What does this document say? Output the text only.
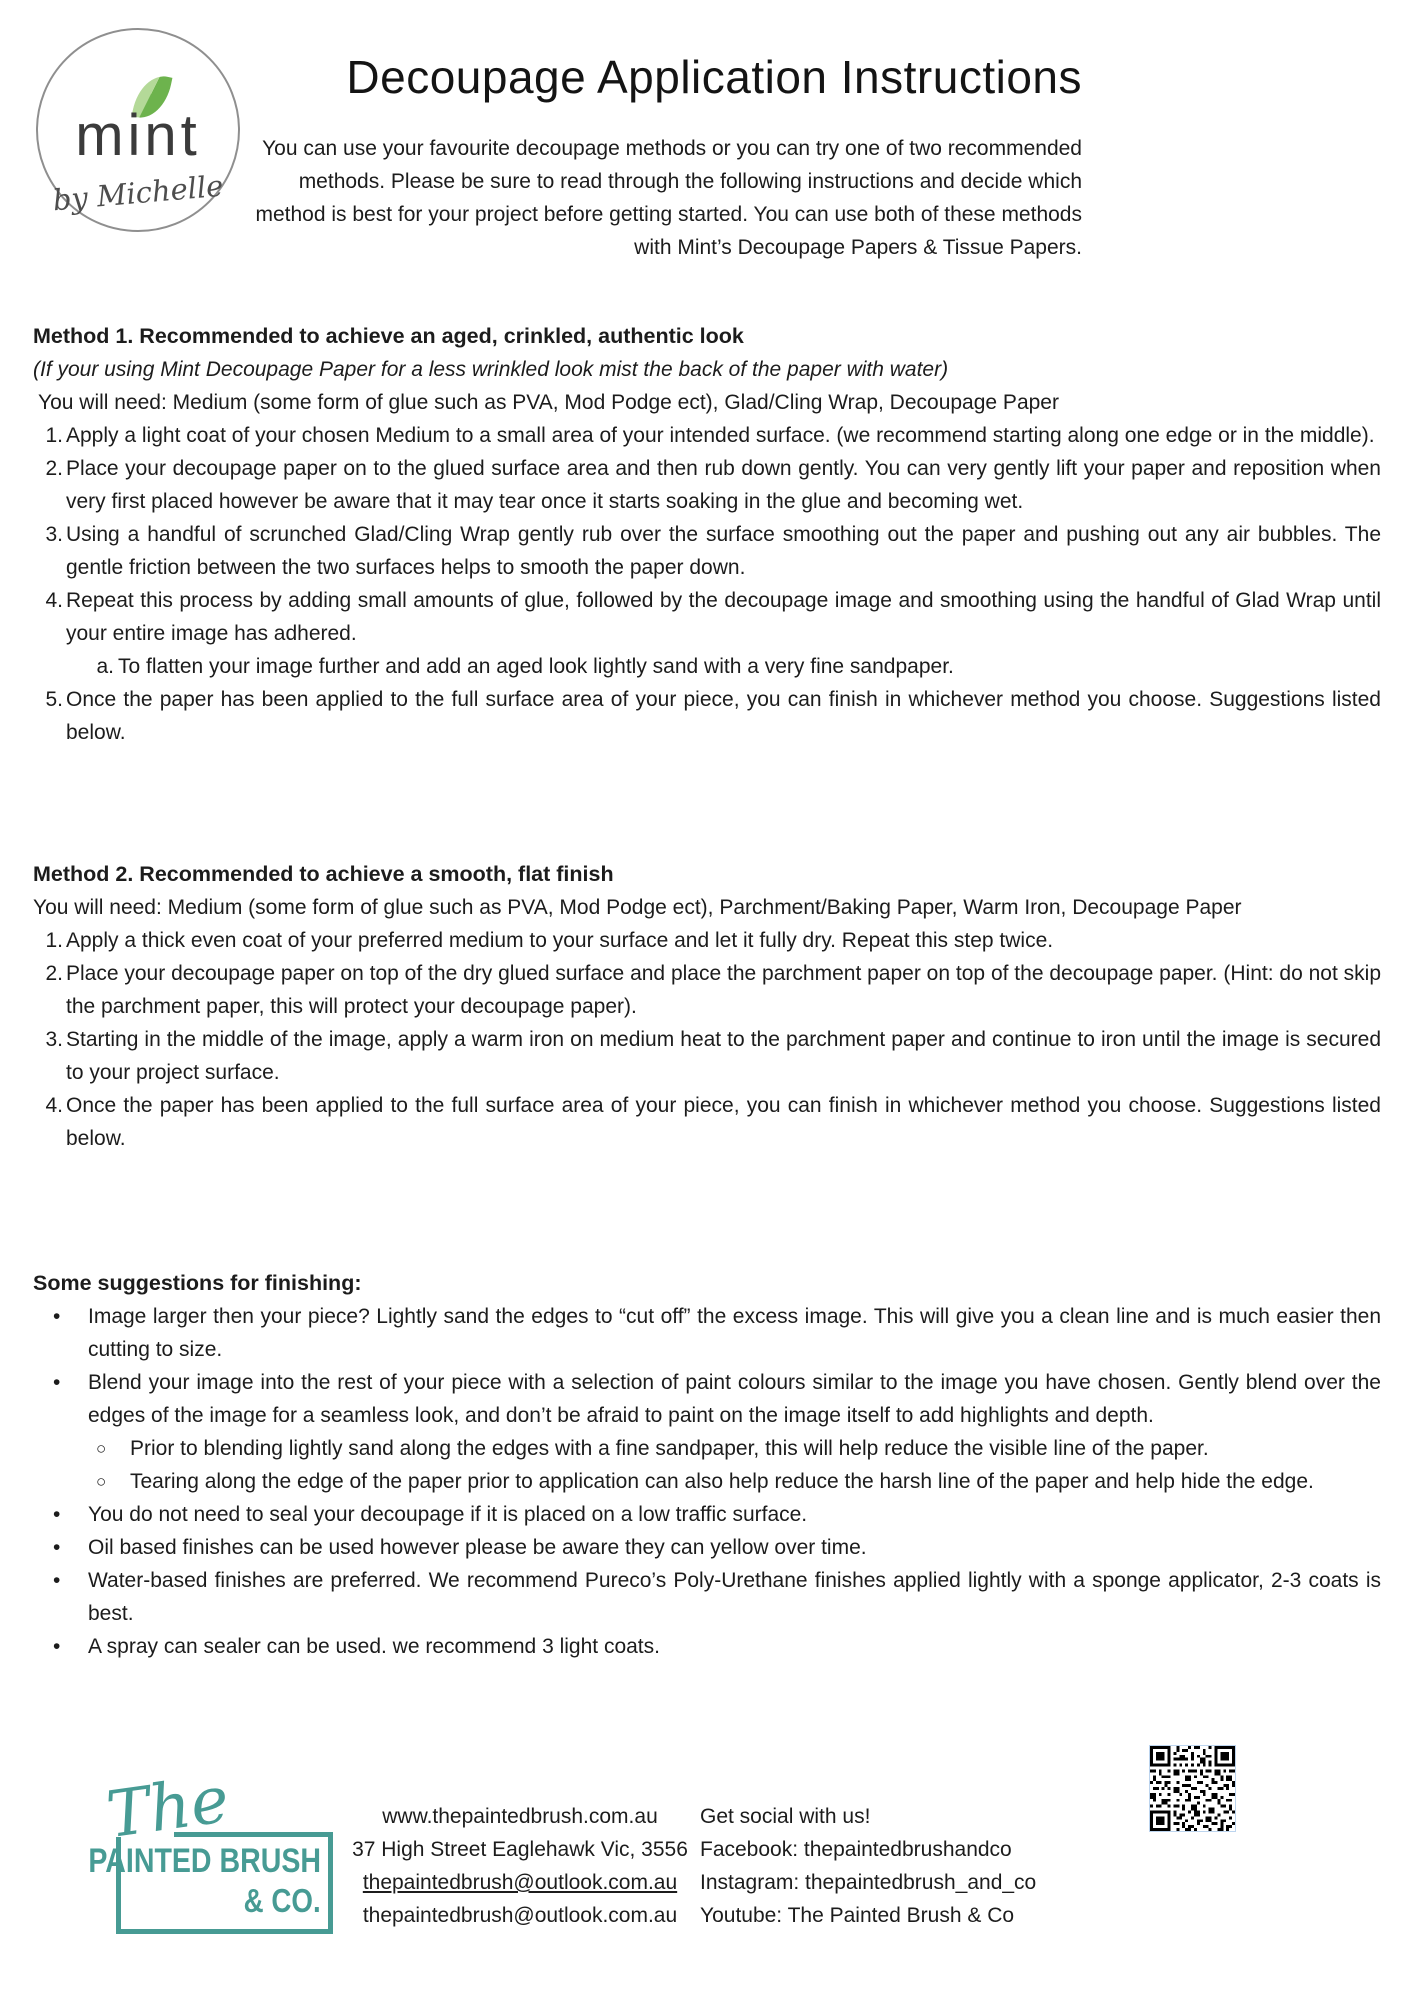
mint
by Michelle
Decoupage Application Instructions
You can use your favourite decoupage methods or you can try one of two recommended methods. Please be sure to read through the following instructions and decide which method is best for your project before getting started. You can use both of these methods with Mint’s Decoupage Papers & Tissue Papers.
Method 1. Recommended to achieve an aged, crinkled, authentic look
(If your using Mint Decoupage Paper for a less wrinkled look mist the back of the paper with water)
You will need: Medium (some form of glue such as PVA, Mod Podge ect), Glad/Cling Wrap, Decoupage Paper
1. Apply a light coat of your chosen Medium to a small area of your intended surface. (we recommend starting along one edge or in the middle).
2. Place your decoupage paper on to the glued surface area and then rub down gently. You can very gently lift your paper and reposition when very first placed however be aware that it may tear once it starts soaking in the glue and becoming wet.
3. Using a handful of scrunched Glad/Cling Wrap gently rub over the surface smoothing out the paper and pushing out any air bubbles. The gentle friction between the two surfaces helps to smooth the paper down.
4. Repeat this process by adding small amounts of glue, followed by the decoupage image and smoothing using the handful of Glad Wrap until your entire image has adhered.
a. To flatten your image further and add an aged look lightly sand with a very fine sandpaper.
5. Once the paper has been applied to the full surface area of your piece, you can finish in whichever method you choose. Suggestions listed below.
Method 2. Recommended to achieve a smooth, flat finish
You will need: Medium (some form of glue such as PVA, Mod Podge ect), Parchment/Baking Paper, Warm Iron, Decoupage Paper
1. Apply a thick even coat of your preferred medium to your surface and let it fully dry. Repeat this step twice.
2. Place your decoupage paper on top of the dry glued surface and place the parchment paper on top of the decoupage paper. (Hint: do not skip the parchment paper, this will protect your decoupage paper).
3. Starting in the middle of the image, apply a warm iron on medium heat to the parchment paper and continue to iron until the image is secured to your project surface.
4. Once the paper has been applied to the full surface area of your piece, you can finish in whichever method you choose. Suggestions listed below.
Some suggestions for finishing:
•	Image larger then your piece? Lightly sand the edges to “cut off” the excess image. This will give you a clean line and is much easier then cutting to size.
•	Blend your image into the rest of your piece with a selection of paint colours similar to the image you have chosen. Gently blend over the edges of the image for a seamless look, and don’t be afraid to paint on the image itself to add highlights and depth.
○	Prior to blending lightly sand along the edges with a fine sandpaper, this will help reduce the visible line of the paper.
○	Tearing along the edge of the paper prior to application can also help reduce the harsh line of the paper and help hide the edge.
•	You do not need to seal your decoupage if it is placed on a low traffic surface.
•	Oil based finishes can be used however please be aware they can yellow over time.
•	Water-based finishes are preferred. We recommend Pureco’s Poly-Urethane finishes applied lightly with a sponge applicator, 2-3 coats is best.
•	A spray can sealer can be used. we recommend 3 light coats.
The
PAINTED BRUSH
& CO.
www.thepaintedbrush.com.au
37 High Street Eaglehawk Vic, 3556
thepaintedbrush@outlook.com.au
thepaintedbrush@outlook.com.au
Get social with us!
Facebook: thepaintedbrushandco
Instagram: thepaintedbrush_and_co
Youtube: The Painted Brush & Co
